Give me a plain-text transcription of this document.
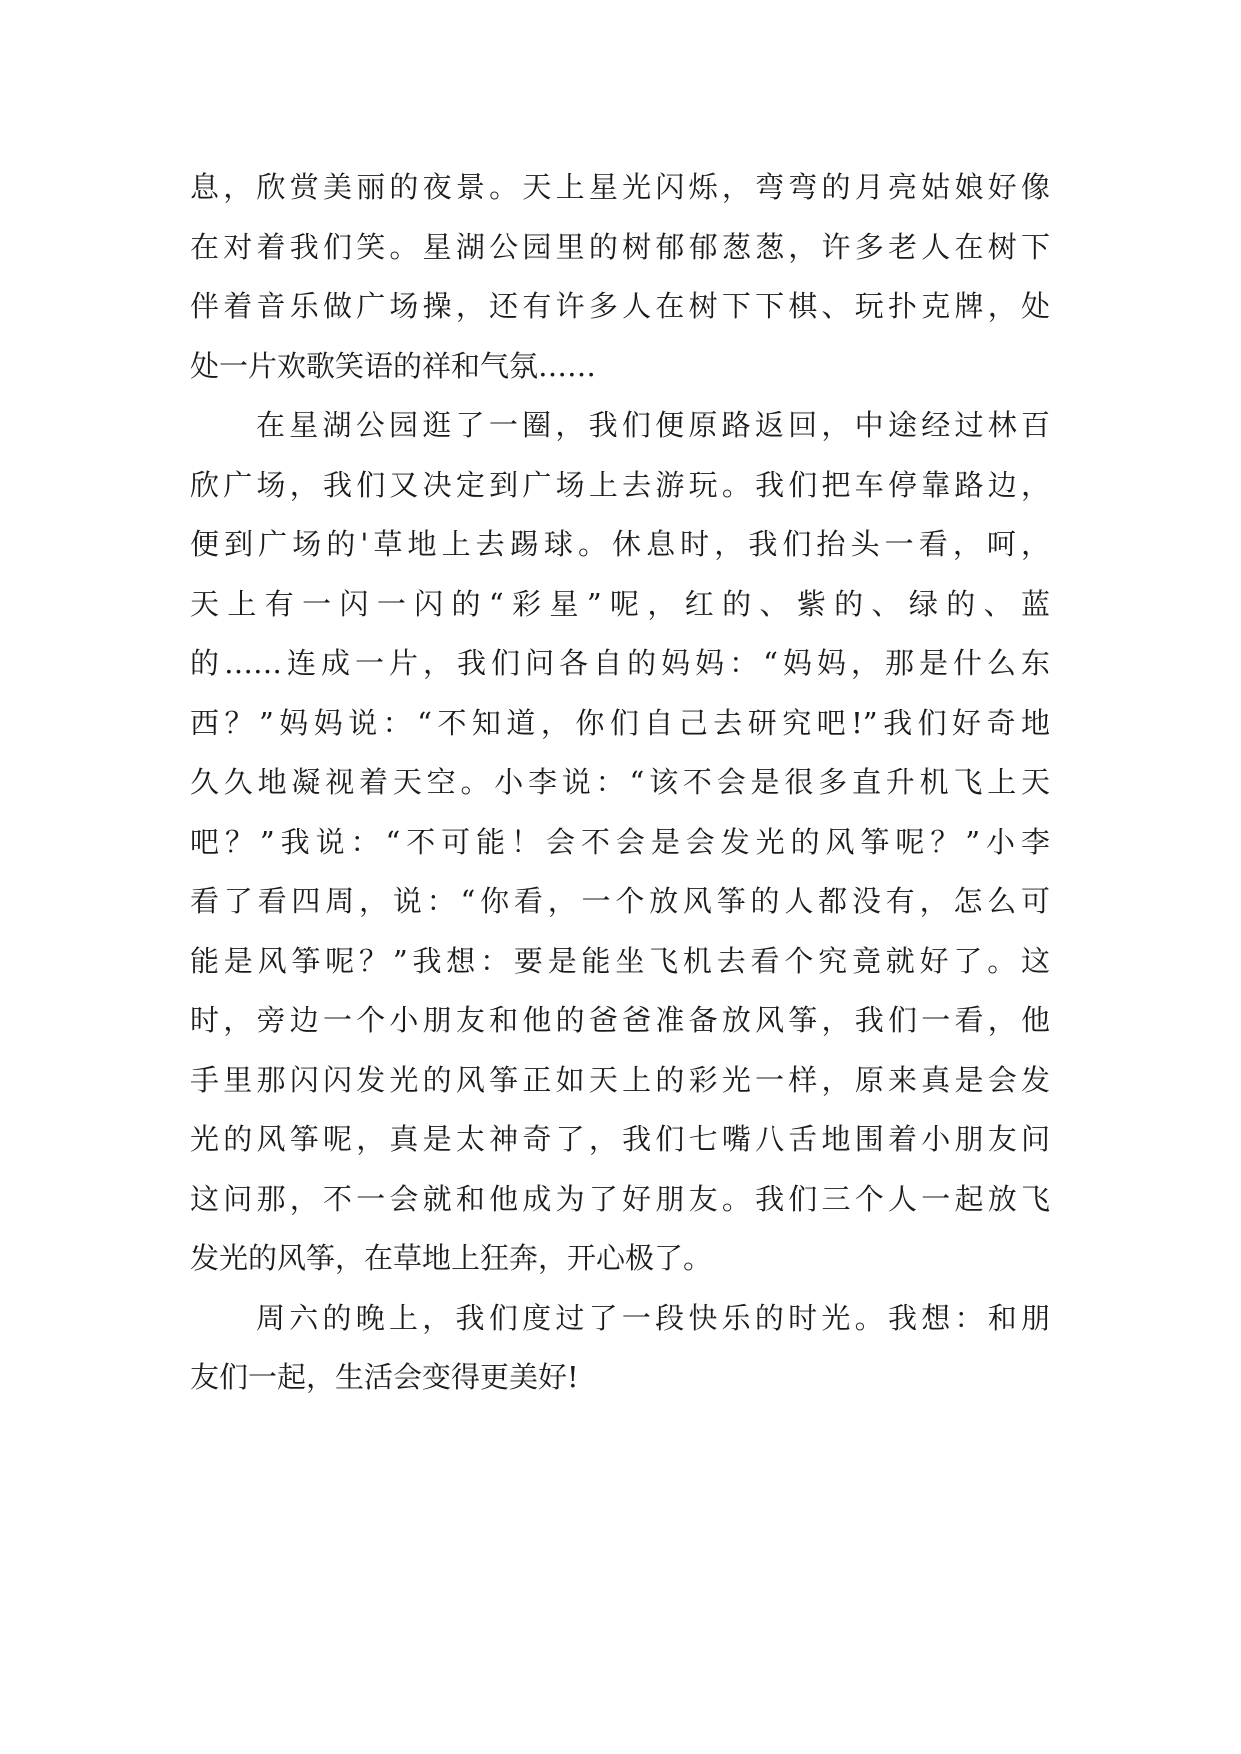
息，欣赏美丽的夜景。天上星光闪烁，弯弯的月亮姑娘好像
在对着我们笑。星湖公园里的树郁郁葱葱，许多老人在树下
伴着音乐做广场操，还有许多人在树下下棋、玩扑克牌，处
处一片欢歌笑语的祥和气氛……
在星湖公园逛了一圈，我们便原路返回，中途经过林百
欣广场，我们又决定到广场上去游玩。我们把车停靠路边，
便到广场的'草地上去踢球。休息时，我们抬头一看，呵，
天上有一闪一闪的“彩星”呢，红的、紫的、绿的、蓝
的……连成一片，我们问各自的妈妈：“妈妈，那是什么东
西？”妈妈说：“不知道，你们自己去研究吧!”我们好奇地
久久地凝视着天空。小李说：“该不会是很多直升机飞上天
吧？”我说：“不可能！会不会是会发光的风筝呢？”小李
看了看四周，说：“你看，一个放风筝的人都没有，怎么可
能是风筝呢？”我想：要是能坐飞机去看个究竟就好了。这
时，旁边一个小朋友和他的爸爸准备放风筝，我们一看，他
手里那闪闪发光的风筝正如天上的彩光一样，原来真是会发
光的风筝呢，真是太神奇了，我们七嘴八舌地围着小朋友问
这问那，不一会就和他成为了好朋友。我们三个人一起放飞
发光的风筝，在草地上狂奔，开心极了。
周六的晚上，我们度过了一段快乐的时光。我想：和朋
友们一起，生活会变得更美好!
